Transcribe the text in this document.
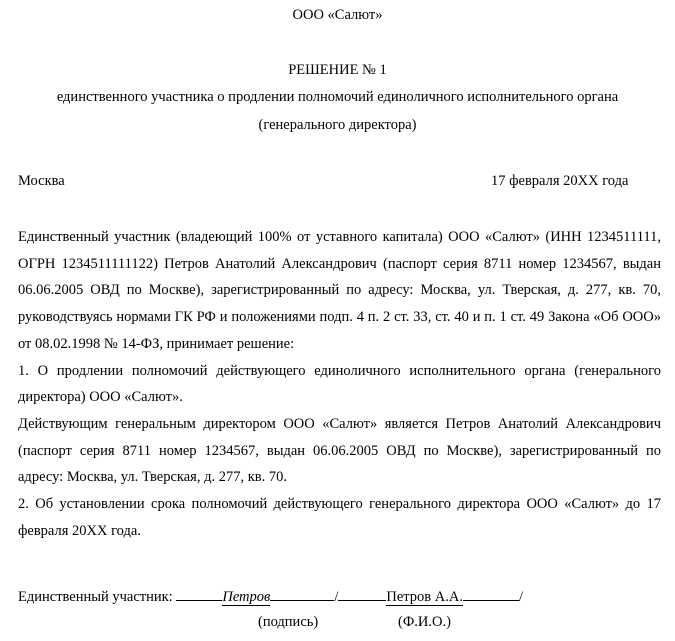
ООО «Салют»
РЕШЕНИЕ № 1
единственного участника о продлении полномочий единоличного исполнительного органа
(генерального директора)
Москва	17 февраля 20ХХ года

Единственный участник (владеющий 100% от уставного капитала) ООО «Салют» (ИНН 1234511111, ОГРН 1234511111122) Петров Анатолий Александрович (паспорт серия 8711 номер 1234567, выдан 06.06.2005 ОВД по Москве), зарегистрированный по адресу: Москва, ул. Тверская, д. 277, кв. 70, руководствуясь нормами ГК РФ и положениями подп. 4 п. 2 ст. 33, ст. 40 и п. 1 ст. 49 Закона «Об ООО» от 08.02.1998 № 14-ФЗ, принимает решение:

1. О продлении полномочий действующего единоличного исполнительного органа (генерального директора) ООО «Салют».

Действующим генеральным директором ООО «Салют» является Петров Анатолий Александрович (паспорт серия 8711 номер 1234567, выдан 06.06.2005 ОВД по Москве), зарегистрированный по адресу: Москва, ул. Тверская, д. 277, кв. 70.

2. Об установлении срока полномочий действующего генерального директора ООО «Салют» до 17 февраля 20ХХ года.

Единственный участник:	Петров	/	Петров А.А.	/
(подпись)	(Ф.И.О.)
